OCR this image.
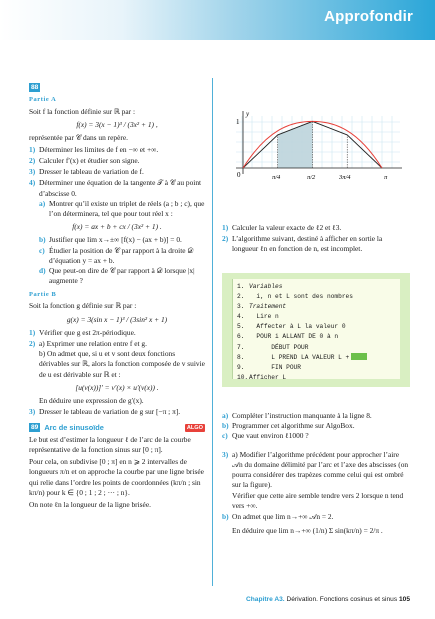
Approfondir
88
Partie A
Soit f la fonction définie sur ℝ par :
f(x) = 3(x − 1)³ / (3x² + 1) ,
représentée par 𝒞 dans un repère.
1) Déterminer les limites de f en −∞ et +∞.
2) Calculer f′(x) et étudier son signe.
3) Dresser le tableau de variation de f.
4) Déterminer une équation de la tangente 𝒯 à 𝒞 au point d’abscisse 0.
a) Montrer qu’il existe un triplet de réels (a ; b ; c), que l’on déterminera, tel que pour tout réel x :
f(x) = ax + b + cx / (3x² + 1) .
b) Justifier que lim x→±∞ [f(x) − (ax + b)] = 0.
c) Étudier la position de 𝒞 par rapport à la droite 𝒟 d’équation y = ax + b.
d) Que peut-on dire de 𝒞 par rapport à 𝒟 lorsque |x| augmente ?
Partie B
Soit la fonction g définie sur ℝ par :
g(x) = 3(sin x − 1)³ / (3sin² x + 1)
1) Vérifier que g est 2π-périodique.
2) a) Exprimer une relation entre f et g.
b) On admet que, si u et v sont deux fonctions dérivables sur ℝ, alors la fonction composée de v suivie de u est dérivable sur ℝ et :
[u(v(x))]′ = v′(x) × u′(v(x)) .
En déduire une expression de g′(x).
3) Dresser le tableau de variation de g sur [−π ; π].
89 Arc de sinusoïde	ALGO
Le but est d’estimer la longueur ℓ de l’arc de la courbe représentative de la fonction sinus sur [0 ; π].
Pour cela, on subdivise [0 ; π] en n ⩾ 2 intervalles de longueurs π/n et on approche la courbe par une ligne brisée qui relie dans l’ordre les points de coordonnées (kπ/n ; sin kπ/n) pour k ∈ {0 ; 1 ; 2 ; ··· ; n}.
On note ℓn la longueur de la ligne brisée.
y
1
0	π/4	π/2	3π/4	π
1) Calculer la valeur exacte de ℓ2 et ℓ3.
2) L’algorithme suivant, destiné à afficher en sortie la longueur ℓn en fonction de n, est incomplet.
1. Variables
2. i, n et L sont des nombres
3. Traitement
4. Lire n
5. Affecter à L la valeur 0
6. POUR i ALLANT DE 0 à n
7. DÉBUT POUR
8. L PREND LA VALEUR L +
9. FIN POUR
10. Afficher L
a) Compléter l’instruction manquante à la ligne 8.
b) Programmer cet algorithme sur AlgoBox.
c) Que vaut environ ℓ1000 ?
3) a) Modifier l’algorithme précédent pour approcher l’aire 𝒜n du domaine délimité par l’arc et l’axe des abscisses (on pourra considérer des trapèzes comme celui qui est ombré sur la figure).
Vérifier que cette aire semble tendre vers 2 lorsque n tend vers +∞.
b) On admet que lim n→+∞ 𝒜n = 2.
En déduire que lim n→+∞ (1/n) Σ sin(kπ/n) = 2/π .
Chapitre A3. Dérivation. Fonctions cosinus et sinus 105
